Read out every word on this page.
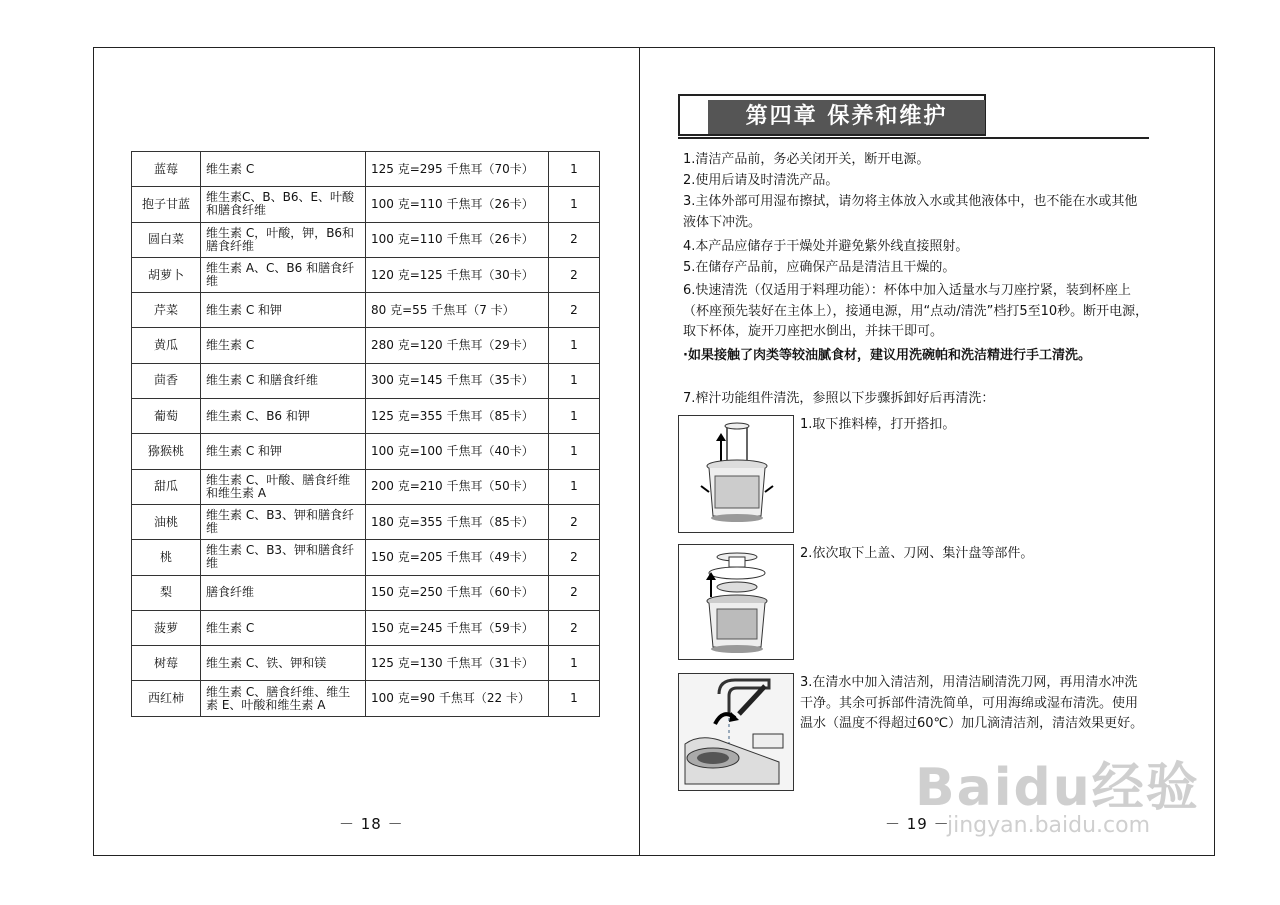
蓝莓	维生素 C	125 克=295 千焦耳（70卡）	1
抱子甘蓝	维生素C、B、B6、E、叶酸和膳食纤维	100 克=110 千焦耳（26卡）	1
圆白菜	维生素 C，叶酸，钾，B6和膳食纤维	100 克=110 千焦耳（26卡）	2
胡萝卜	维生素 A、C、B6 和膳食纤维	120 克=125 千焦耳（30卡）	2
芹菜	维生素 C 和钾	80 克=55 千焦耳（7 卡）	2
黄瓜	维生素 C	280 克=120 千焦耳（29卡）	1
茴香	维生素 C 和膳食纤维	300 克=145 千焦耳（35卡）	1
葡萄	维生素 C、B6 和钾	125 克=355 千焦耳（85卡）	1
猕猴桃	维生素 C 和钾	100 克=100 千焦耳（40卡）	1
甜瓜	维生素 C、叶酸、膳食纤维和维生素 A	200 克=210 千焦耳（50卡）	1
油桃	维生素 C、B3、钾和膳食纤维	180 克=355 千焦耳（85卡）	2
桃	维生素 C、B3、钾和膳食纤维	150 克=205 千焦耳（49卡）	2
梨	膳食纤维	150 克=250 千焦耳（60卡）	2
菠萝	维生素 C	150 克=245 千焦耳（59卡）	2
树莓	维生素 C、铁、钾和镁	125 克=130 千焦耳（31卡）	1
西红柿	维生素 C、膳食纤维、维生素 E、叶酸和维生素 A	100 克=90 千焦耳（22 卡）	1
－ 18 －
第四章 保养和维护
1.清洁产品前，务必关闭开关，断开电源。
2.使用后请及时清洗产品。
3.主体外部可用湿布擦拭，请勿将主体放入水或其他液体中，也不能在水或其他液体下冲洗。
4.本产品应储存于干燥处并避免紫外线直接照射。
5.在储存产品前，应确保产品是清洁且干燥的。
6.快速清洗（仅适用于料理功能）：杯体中加入适量水与刀座拧紧，装到杯座上（杯座预先装好在主体上），接通电源，用“点动/清洗”档打5至10秒。断开电源，取下杯体，旋开刀座把水倒出，并抹干即可。
·如果接触了肉类等较油腻食材，建议用洗碗帕和洗洁精进行手工清洗。
7.榨汁功能组件清洗，参照以下步骤拆卸好后再清洗：
1.取下推料棒，打开搭扣。
2.依次取下上盖、刀网、集汁盘等部件。
3.在清水中加入清洁剂，用清洁刷清洗刀网，再用清水冲洗干净。其余可拆部件清洗简单，可用海绵或湿布清洗。使用温水（温度不得超过60℃）加几滴清洁剂，清洁效果更好。
－ 19 －
Baidu经验
jingyan.baidu.com
